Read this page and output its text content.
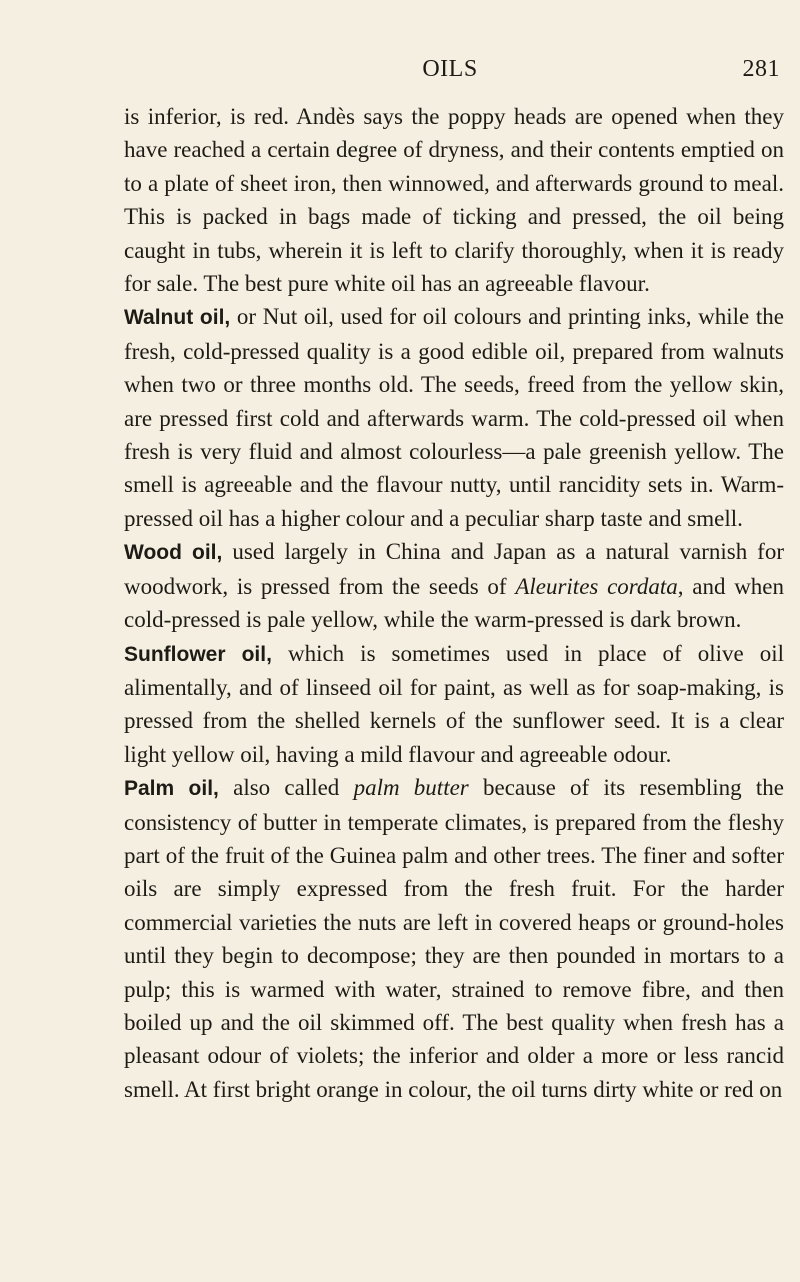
OILS	281

is inferior, is red. Andès says the poppy heads are opened when they have reached a certain degree of dryness, and their contents emptied on to a plate of sheet iron, then winnowed, and afterwards ground to meal. This is packed in bags made of ticking and pressed, the oil being caught in tubs, wherein it is left to clarify thoroughly, when it is ready for sale. The best pure white oil has an agreeable flavour.

Walnut oil, or Nut oil, used for oil colours and printing inks, while the fresh, cold-pressed quality is a good edible oil, prepared from walnuts when two or three months old. The seeds, freed from the yellow skin, are pressed first cold and afterwards warm. The cold-pressed oil when fresh is very fluid and almost colourless—a pale greenish yellow. The smell is agreeable and the flavour nutty, until rancidity sets in. Warm-pressed oil has a higher colour and a peculiar sharp taste and smell.

Wood oil, used largely in China and Japan as a natural varnish for woodwork, is pressed from the seeds of Aleurites cordata, and when cold-pressed is pale yellow, while the warm-pressed is dark brown.

Sunflower oil, which is sometimes used in place of olive oil alimentally, and of linseed oil for paint, as well as for soap-making, is pressed from the shelled kernels of the sunflower seed. It is a clear light yellow oil, having a mild flavour and agreeable odour.

Palm oil, also called palm butter because of its resembling the consistency of butter in temperate climates, is prepared from the fleshy part of the fruit of the Guinea palm and other trees. The finer and softer oils are simply expressed from the fresh fruit. For the harder commercial varieties the nuts are left in covered heaps or ground-holes until they begin to decompose; they are then pounded in mortars to a pulp; this is warmed with water, strained to remove fibre, and then boiled up and the oil skimmed off. The best quality when fresh has a pleasant odour of violets; the inferior and older a more or less rancid smell. At first bright orange in colour, the oil turns dirty white or red on
